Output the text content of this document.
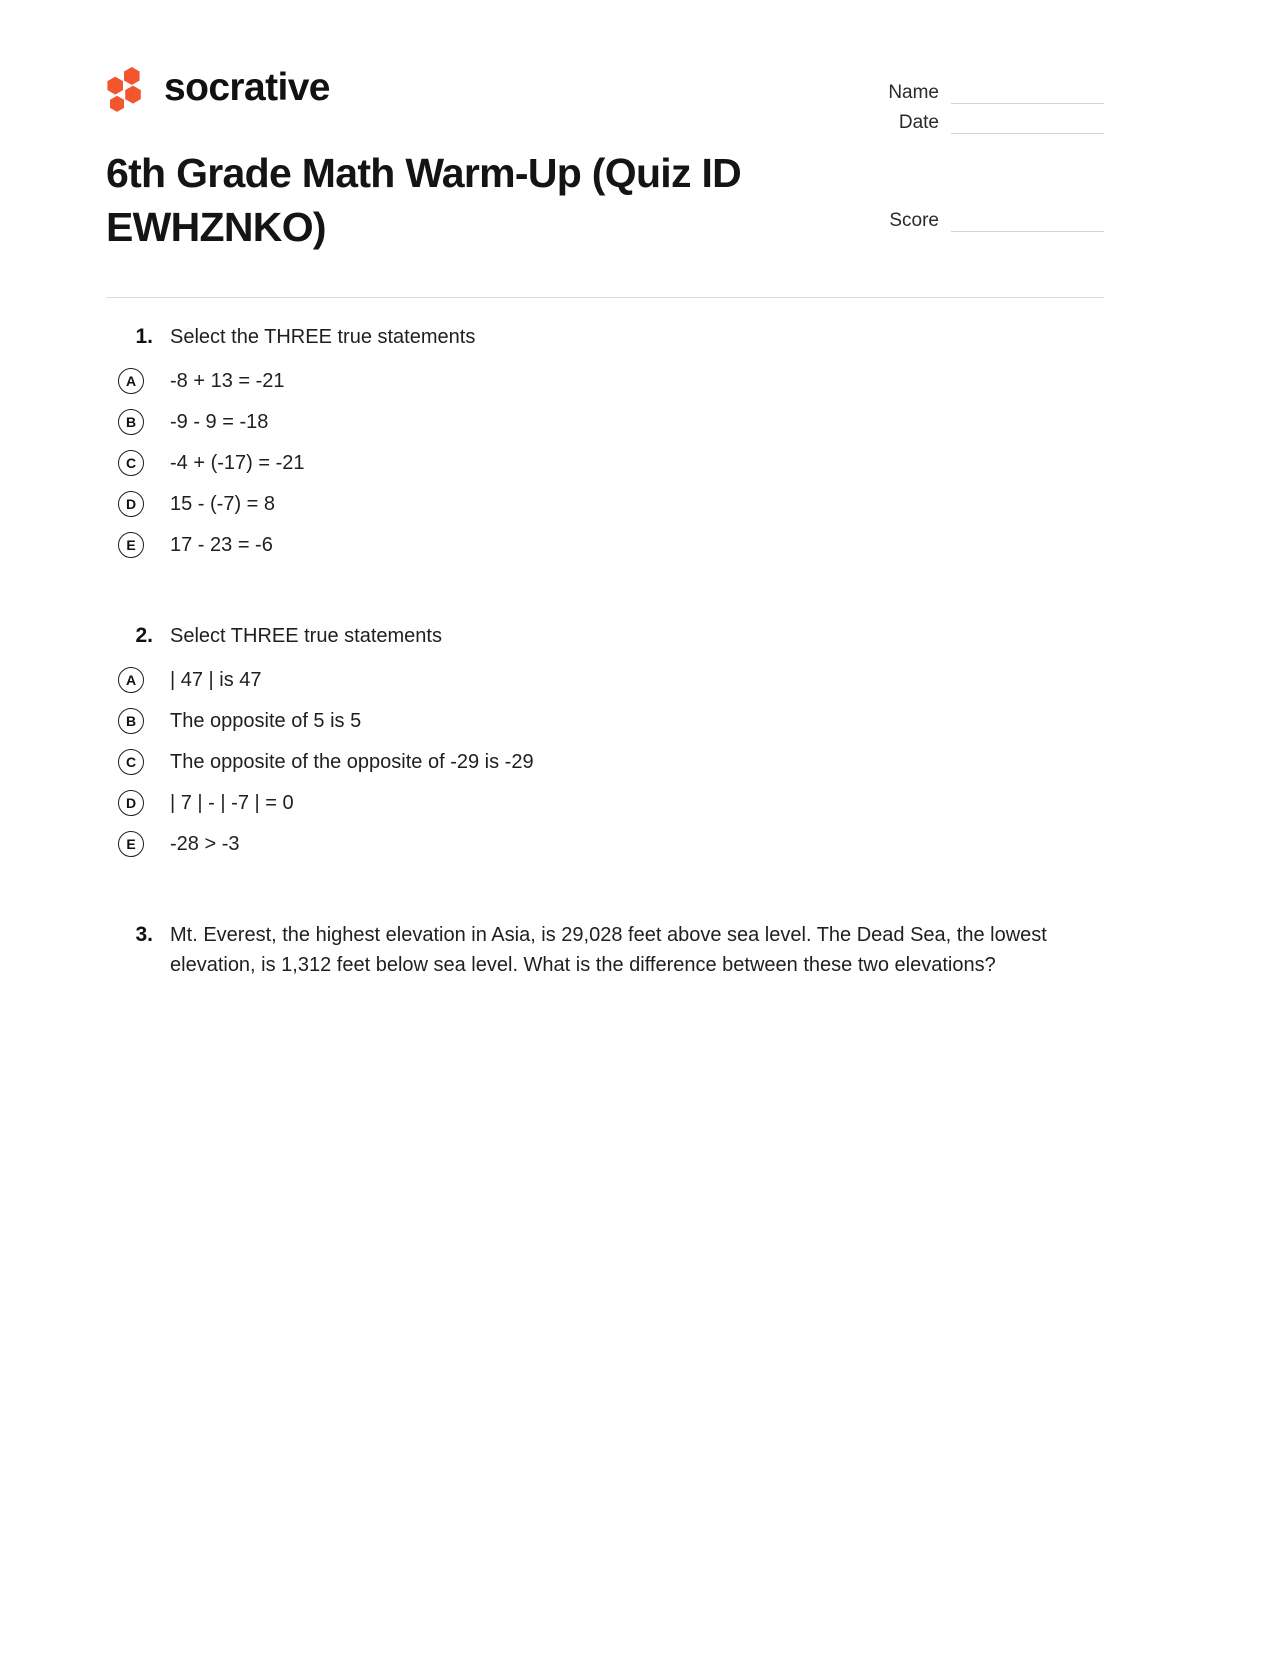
socrative
6th Grade Math Warm-Up (Quiz ID EWHZNKO)
Name
Date
Score
1. Select the THREE true statements
A	-8 + 13 = -21
B	-9 - 9 = -18
C	-4 + (-17) = -21
D	15 - (-7) = 8
E	17 - 23 = -6
2. Select THREE true statements
A	| 47 | is 47
B	The opposite of 5 is 5
C	The opposite of the opposite of -29 is -29
D	| 7 | - | -7 | = 0
E	-28 > -3
3. Mt. Everest, the highest elevation in Asia, is 29,028 feet above sea level. The Dead Sea, the lowest elevation, is 1,312 feet below sea level. What is the difference between these two elevations?
